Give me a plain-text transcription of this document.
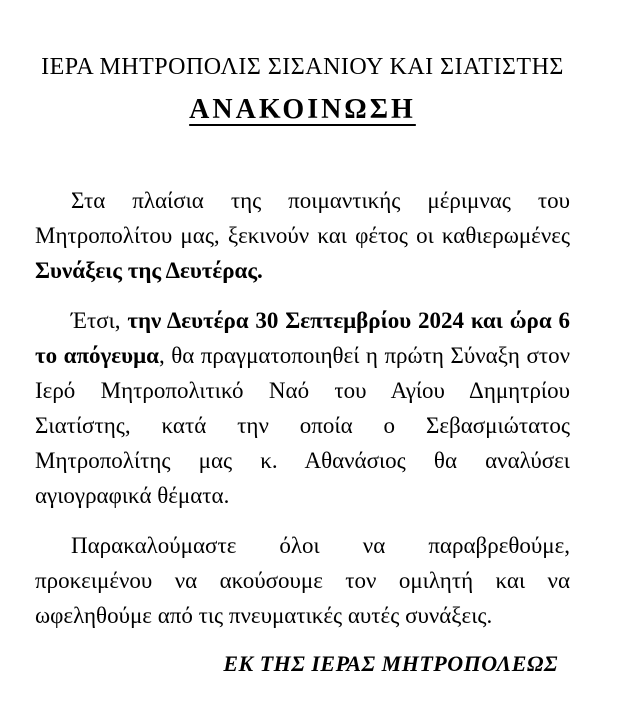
ΙΕΡΑ ΜΗΤΡΟΠΟΛΙΣ ΣΙΣΑΝΙΟΥ ΚΑΙ ΣΙΑΤΙΣΤΗΣ
ΑΝΑΚΟΙΝΩΣΗ

Στα πλαίσια της ποιμαντικής μέριμνας του Μητροπολίτου μας, ξεκινούν και φέτος οι καθιερωμένες Συνάξεις της Δευτέρας.

Έτσι, την Δευτέρα 30 Σεπτεμβρίου 2024 και ώρα 6 το απόγευμα, θα πραγματοποιηθεί η πρώτη Σύναξη στον Ιερό Μητροπολιτικό Ναό του Αγίου Δημητρίου Σιατίστης, κατά την οποία ο Σεβασμιώτατος Μητροπολίτης μας κ. Αθανάσιος θα αναλύσει αγιογραφικά θέματα.

Παρακαλούμαστε όλοι να παραβρεθούμε, προκειμένου να ακούσουμε τον ομιλητή και να ωφεληθούμε από τις πνευματικές αυτές συνάξεις.

ΕΚ ΤΗΣ ΙΕΡΑΣ ΜΗΤΡΟΠΟΛΕΩΣ
